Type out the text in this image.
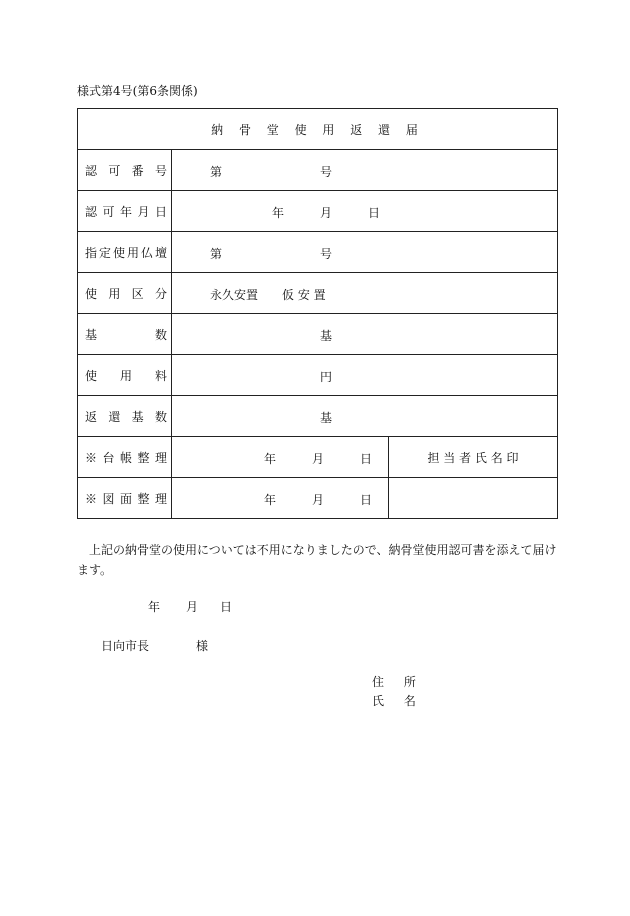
様式第4号(第6条関係)
納 骨 堂 使 用 返 還 届		

認可番号	第 号	

認可年月日	年 月 日	

指定使用仏壇	第 号	

使用区分	永久安置 仮 安 置	

基数	基	

使用料	円	

返還基数	基	

※台帳整理	年 月 日	担 当 者 氏 名 印

※図面整理	年 月 日	

上記の納骨堂の使用については不用になりましたので、納骨堂使用認可書を添えて届け
ます。
年 月 日
日向市長	様
住 所
氏 名
